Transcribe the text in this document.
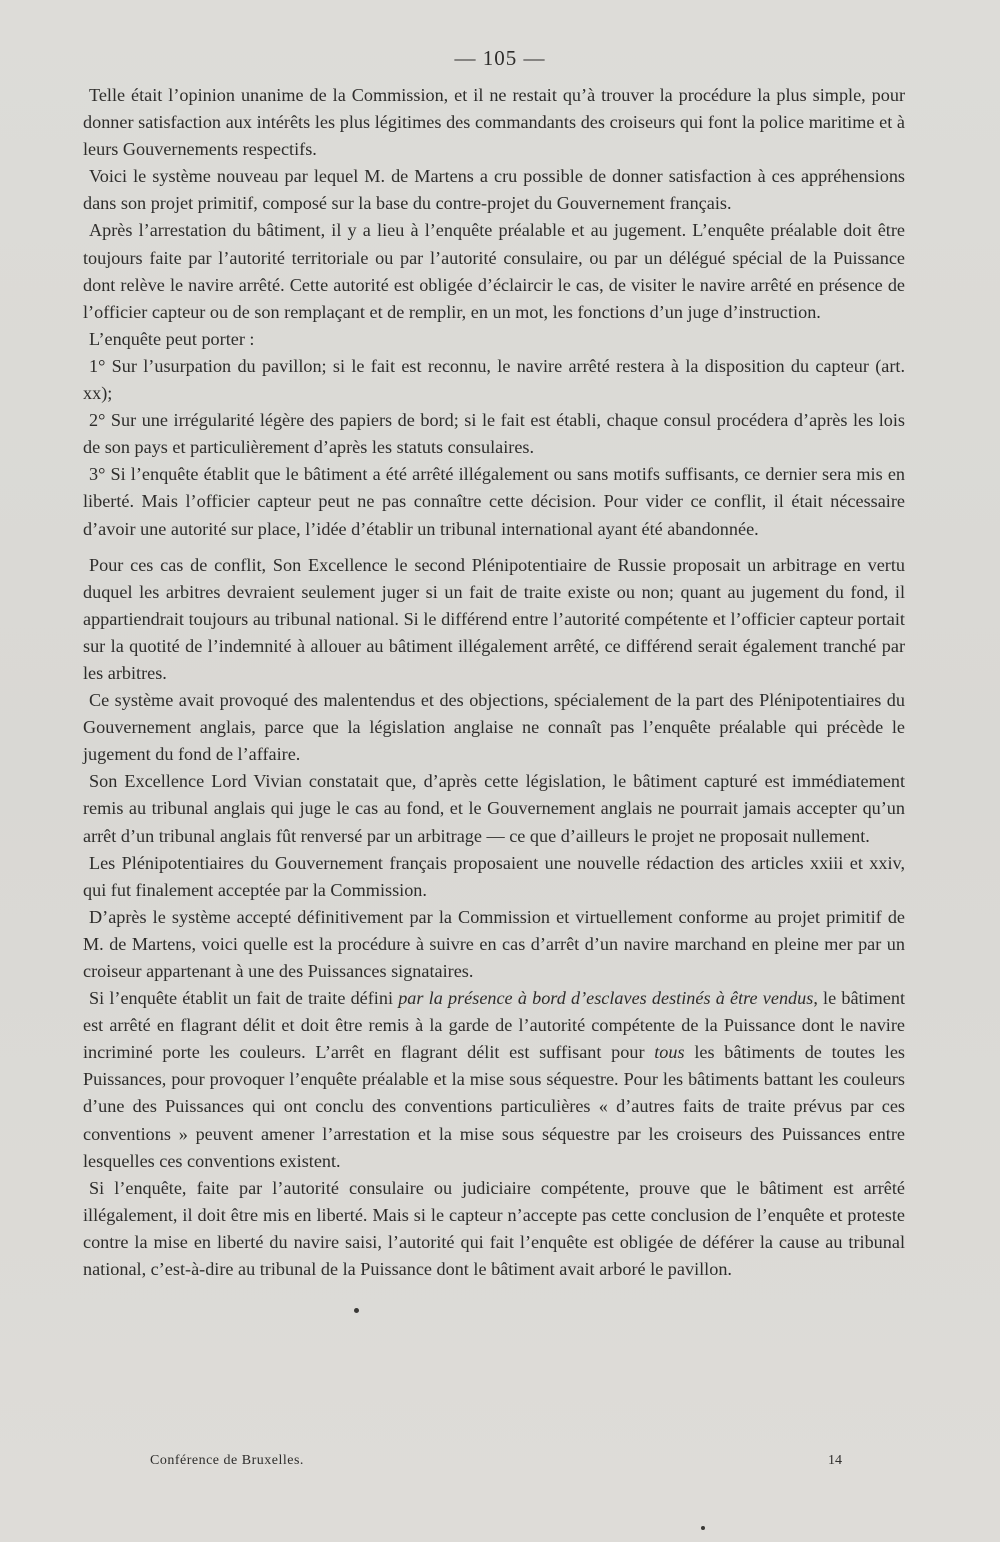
— 105 —

Telle était l’opinion unanime de la Commission, et il ne restait qu’à trouver la procédure la plus simple, pour donner satisfaction aux intérêts les plus légitimes des commandants des croiseurs qui font la police maritime et à leurs Gouvernements respectifs.

Voici le système nouveau par lequel M. de Martens a cru possible de donner satisfaction à ces appréhensions dans son projet primitif, composé sur la base du contre-projet du Gouvernement français.

Après l’arrestation du bâtiment, il y a lieu à l’enquête préalable et au jugement. L’enquête préalable doit être toujours faite par l’autorité territoriale ou par l’autorité consulaire, ou par un délégué spécial de la Puissance dont relève le navire arrêté. Cette autorité est obligée d’éclaircir le cas, de visiter le navire arrêté en présence de l’officier capteur ou de son remplaçant et de remplir, en un mot, les fonctions d’un juge d’instruction.

L’enquête peut porter :

1° Sur l’usurpation du pavillon; si le fait est reconnu, le navire arrêté restera à la disposition du capteur (art. xx);

2° Sur une irrégularité légère des papiers de bord; si le fait est établi, chaque consul procédera d’après les lois de son pays et particulièrement d’après les statuts consulaires.

3° Si l’enquête établit que le bâtiment a été arrêté illégalement ou sans motifs suffisants, ce dernier sera mis en liberté. Mais l’officier capteur peut ne pas connaître cette décision. Pour vider ce conflit, il était nécessaire d’avoir une autorité sur place, l’idée d’établir un tribunal international ayant été abandonnée.

Pour ces cas de conflit, Son Excellence le second Plénipotentiaire de Russie proposait un arbitrage en vertu duquel les arbitres devraient seulement juger si un fait de traite existe ou non; quant au jugement du fond, il appartiendrait toujours au tribunal national. Si le différend entre l’autorité compétente et l’officier capteur portait sur la quotité de l’indemnité à allouer au bâtiment illégalement arrêté, ce différend serait également tranché par les arbitres.

Ce système avait provoqué des malentendus et des objections, spécialement de la part des Plénipotentiaires du Gouvernement anglais, parce que la législation anglaise ne connaît pas l’enquête préalable qui précède le jugement du fond de l’affaire.

Son Excellence Lord Vivian constatait que, d’après cette législation, le bâtiment capturé est immédiatement remis au tribunal anglais qui juge le cas au fond, et le Gouvernement anglais ne pourrait jamais accepter qu’un arrêt d’un tribunal anglais fût renversé par un arbitrage — ce que d’ailleurs le projet ne proposait nullement.

Les Plénipotentiaires du Gouvernement français proposaient une nouvelle rédaction des articles xxiii et xxiv, qui fut finalement acceptée par la Commission.

D’après le système accepté définitivement par la Commission et virtuellement conforme au projet primitif de M. de Martens, voici quelle est la procédure à suivre en cas d’arrêt d’un navire marchand en pleine mer par un croiseur appartenant à une des Puissances signataires.

Si l’enquête établit un fait de traite défini par la présence à bord d’esclaves destinés à être vendus, le bâtiment est arrêté en flagrant délit et doit être remis à la garde de l’autorité compétente de la Puissance dont le navire incriminé porte les couleurs. L’arrêt en flagrant délit est suffisant pour tous les bâtiments de toutes les Puissances, pour provoquer l’enquête préalable et la mise sous séquestre. Pour les bâtiments battant les couleurs d’une des Puissances qui ont conclu des conventions particulières « d’autres faits de traite prévus par ces conventions » peuvent amener l’arrestation et la mise sous séquestre par les croiseurs des Puissances entre lesquelles ces conventions existent.

Si l’enquête, faite par l’autorité consulaire ou judiciaire compétente, prouve que le bâtiment est arrêté illégalement, il doit être mis en liberté. Mais si le capteur n’accepte pas cette conclusion de l’enquête et proteste contre la mise en liberté du navire saisi, l’autorité qui fait l’enquête est obligée de déférer la cause au tribunal national, c’est-à-dire au tribunal de la Puissance dont le bâtiment avait arboré le pavillon.

Conférence de Bruxelles.	14
